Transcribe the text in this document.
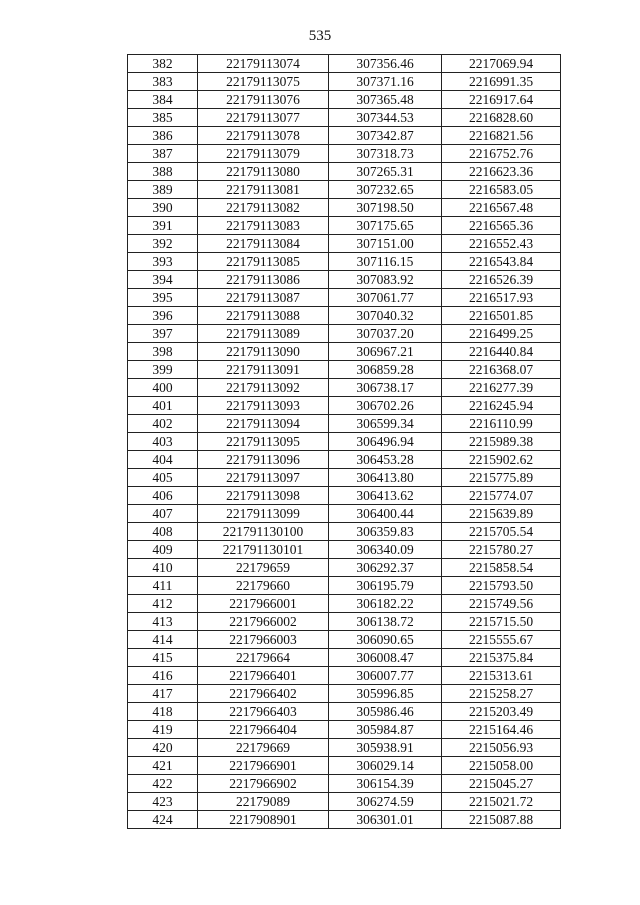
535
382	22179113074	307356.46	2217069.94
383	22179113075	307371.16	2216991.35
384	22179113076	307365.48	2216917.64
385	22179113077	307344.53	2216828.60
386	22179113078	307342.87	2216821.56
387	22179113079	307318.73	2216752.76
388	22179113080	307265.31	2216623.36
389	22179113081	307232.65	2216583.05
390	22179113082	307198.50	2216567.48
391	22179113083	307175.65	2216565.36
392	22179113084	307151.00	2216552.43
393	22179113085	307116.15	2216543.84
394	22179113086	307083.92	2216526.39
395	22179113087	307061.77	2216517.93
396	22179113088	307040.32	2216501.85
397	22179113089	307037.20	2216499.25
398	22179113090	306967.21	2216440.84
399	22179113091	306859.28	2216368.07
400	22179113092	306738.17	2216277.39
401	22179113093	306702.26	2216245.94
402	22179113094	306599.34	2216110.99
403	22179113095	306496.94	2215989.38
404	22179113096	306453.28	2215902.62
405	22179113097	306413.80	2215775.89
406	22179113098	306413.62	2215774.07
407	22179113099	306400.44	2215639.89
408	221791130100	306359.83	2215705.54
409	221791130101	306340.09	2215780.27
410	22179659	306292.37	2215858.54
411	22179660	306195.79	2215793.50
412	2217966001	306182.22	2215749.56
413	2217966002	306138.72	2215715.50
414	2217966003	306090.65	2215555.67
415	22179664	306008.47	2215375.84
416	2217966401	306007.77	2215313.61
417	2217966402	305996.85	2215258.27
418	2217966403	305986.46	2215203.49
419	2217966404	305984.87	2215164.46
420	22179669	305938.91	2215056.93
421	2217966901	306029.14	2215058.00
422	2217966902	306154.39	2215045.27
423	22179089	306274.59	2215021.72
424	2217908901	306301.01	2215087.88
